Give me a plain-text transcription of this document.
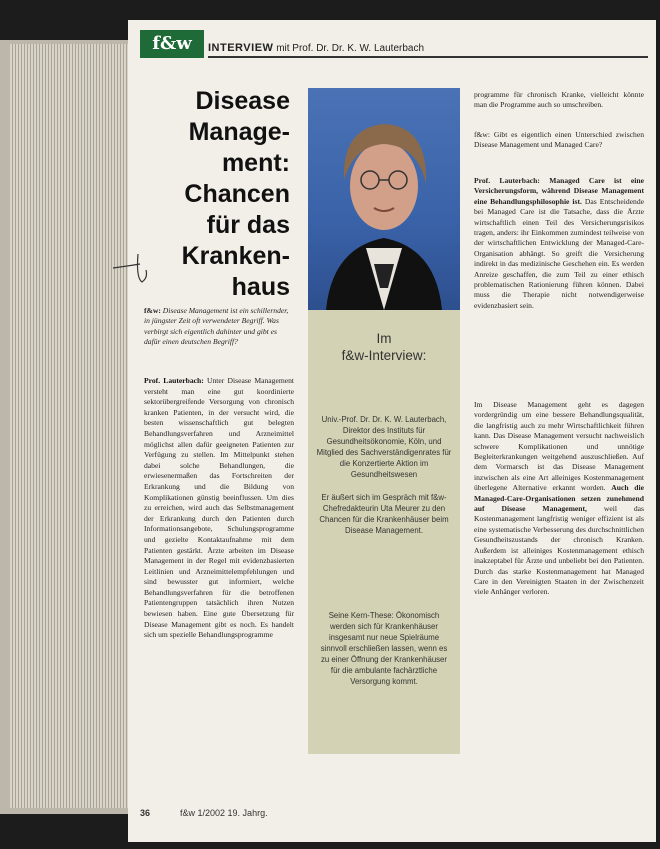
f&w	INTERVIEW mit Prof. Dr. Dr. K. W. Lauterbach
Disease
Manage-
ment:
Chancen
für das
Kranken-
haus
f&w: Disease Management ist ein schillernder, in jüngster Zeit oft verwendeter Begriff. Was verbirgt sich eigentlich dahinter und gibt es dafür einen deutschen Begriff?
Prof. Lauterbach: Unter Disease Management versteht man eine gut koordinierte sektorübergreifende Versorgung von chronisch kranken Patienten, in der versucht wird, die besten wissenschaftlich gut belegten Behandlungsverfahren und Arzneimittel möglichst allen dafür geeigneten Patienten zur Verfügung zu stellen. Im Mittelpunkt stehen dabei solche Behandlungen, die erwiesenermaßen das Fortschreiten der Erkrankung und die Bildung von Komplikationen günstig beeinflussen. Um dies zu erreichen, wird auch das Selbstmanagement der Erkrankung durch den Patienten durch Informationsangebote, Schulungsprogramme und gezielte Kontaktaufnahme mit dem Patienten gestärkt. Ärzte arbeiten im Disease Management in der Regel mit evidenzbasierten Leitlinien und Arzneimittelempfehlungen und sind bewusster gut informiert, welche Behandlungsverfahren für die betroffenen Patientengruppen tatsächlich ihren Nutzen bewiesen haben. Eine gute Übersetzung für Disease Management gibt es noch. Es handelt sich um spezielle Behandlungsprogramme
Im
f&w-Interview:
Univ.-Prof. Dr. Dr. K. W. Lauterbach, Direktor des Instituts für Gesundheitsökonomie, Köln, und Mitglied des Sachverständigenrates für die Konzertierte Aktion im Gesundheitswesen
Er äußert sich im Gespräch mit f&w-Chefredakteurin Uta Meurer zu den Chancen für die Krankenhäuser beim Disease Management.
Seine Kern-These: Ökonomisch werden sich für Krankenhäuser insgesamt nur neue Spielräume sinnvoll erschließen lassen, wenn es zu einer Öffnung der Krankenhäuser für die ambulante fachärztliche Versorgung kommt.
programme für chronisch Kranke, vielleicht könnte man die Programme auch so umschreiben.
f&w: Gibt es eigentlich einen Unterschied zwischen Disease Management und Managed Care?
Prof. Lauterbach: Managed Care ist eine Versicherungsform, während Disease Management eine Behandlungsphilosophie ist. Das Entscheidende bei Managed Care ist die Tatsache, dass die Ärzte wirtschaftlich einen Teil des Versicherungsrisikos tragen, anders: ihr Einkommen zumindest teilweise von der wirtschaftlichen Entwicklung der Managed-Care-Organisation abhängt. So greift die Versicherung indirekt in das medizinische Geschehen ein. Es werden Anreize geschaffen, die zum Teil zu einer ethisch problematischen Rationierung führen können. Dabei muss die Therapie nicht notwendigerweise evidenzbasiert sein.
Im Disease Management geht es dagegen vordergründig um eine bessere Behandlungsqualität, die langfristig auch zu mehr Wirtschaftlichkeit führen kann. Das Disease Management versucht nachweislich schwere Komplikationen und unnötige Begleiterkrankungen weitgehend auszuschließen. Auf dem Vormarsch ist das Disease Management inzwischen als eine Art alleiniges Kostenmanagement überlegene Alternative erkannt worden. Auch die Managed-Care-Organisationen setzen zunehmend auf Disease Management, weil das Kostenmanagement langfristig weniger effizient ist als eine systematische Verbesserung des durchschnittlichen Gesundheitszustands der chronisch Kranken. Außerdem ist alleiniges Kostenmanagement ethisch inakzeptabel für Ärzte und unbeliebt bei den Patienten. Durch das starke Kostenmanagement hat Managed Care in den Vereinigten Staaten in der Zwischenzeit viele Anhänger verloren.
36	f&w 1/2002 19. Jahrg.
